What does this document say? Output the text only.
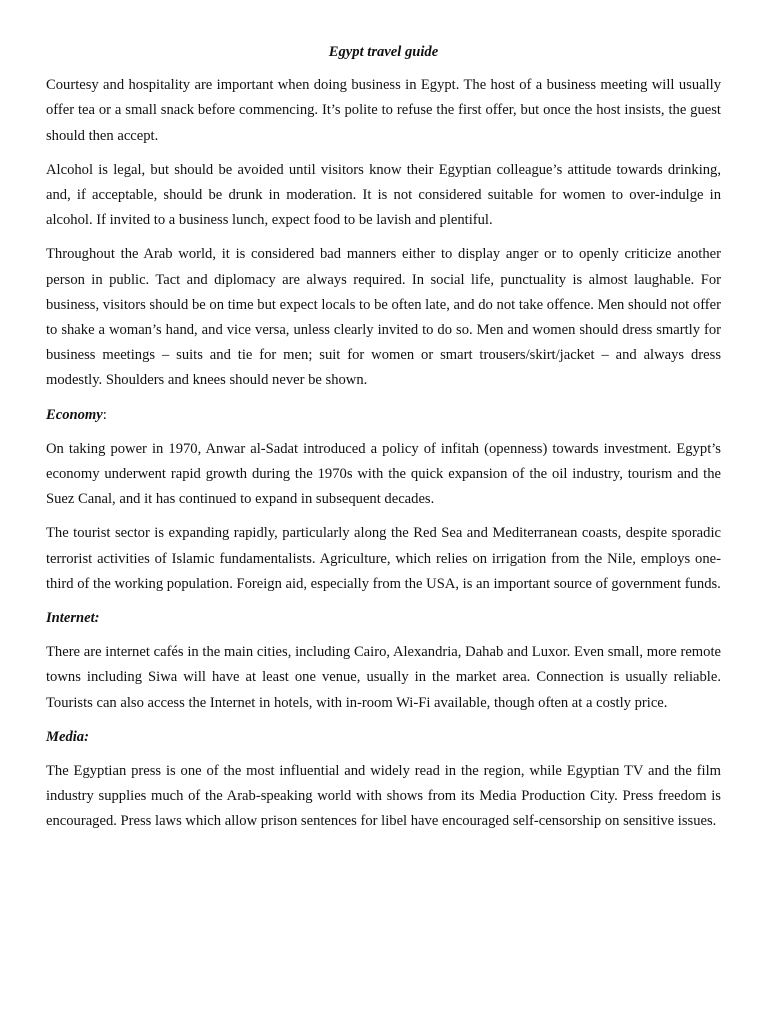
Egypt travel guide

Courtesy and hospitality are important when doing business in Egypt. The host of a business meeting will usually offer tea or a small snack before commencing. It’s polite to refuse the first offer, but once the host insists, the guest should then accept.

Alcohol is legal, but should be avoided until visitors know their Egyptian colleague’s attitude towards drinking, and, if acceptable, should be drunk in moderation. It is not considered suitable for women to over-indulge in alcohol. If invited to a business lunch, expect food to be lavish and plentiful.

Throughout the Arab world, it is considered bad manners either to display anger or to openly criticize another person in public. Tact and diplomacy are always required. In social life, punctuality is almost laughable. For business, visitors should be on time but expect locals to be often late, and do not take offence. Men should not offer to shake a woman’s hand, and vice versa, unless clearly invited to do so. Men and women should dress smartly for business meetings – suits and tie for men; suit for women or smart trousers/skirt/jacket – and always dress modestly. Shoulders and knees should never be shown.

Economy:

On taking power in 1970, Anwar al-Sadat introduced a policy of infitah (openness) towards investment. Egypt’s economy underwent rapid growth during the 1970s with the quick expansion of the oil industry, tourism and the Suez Canal, and it has continued to expand in subsequent decades.

The tourist sector is expanding rapidly, particularly along the Red Sea and Mediterranean coasts, despite sporadic terrorist activities of Islamic fundamentalists. Agriculture, which relies on irrigation from the Nile, employs one-third of the working population. Foreign aid, especially from the USA, is an important source of government funds.

Internet:

There are internet cafés in the main cities, including Cairo, Alexandria, Dahab and Luxor. Even small, more remote towns including Siwa will have at least one venue, usually in the market area. Connection is usually reliable. Tourists can also access the Internet in hotels, with in-room Wi-Fi available, though often at a costly price.

Media:

The Egyptian press is one of the most influential and widely read in the region, while Egyptian TV and the film industry supplies much of the Arab-speaking world with shows from its Media Production City. Press freedom is encouraged. Press laws which allow prison sentences for libel have encouraged self-censorship on sensitive issues.
